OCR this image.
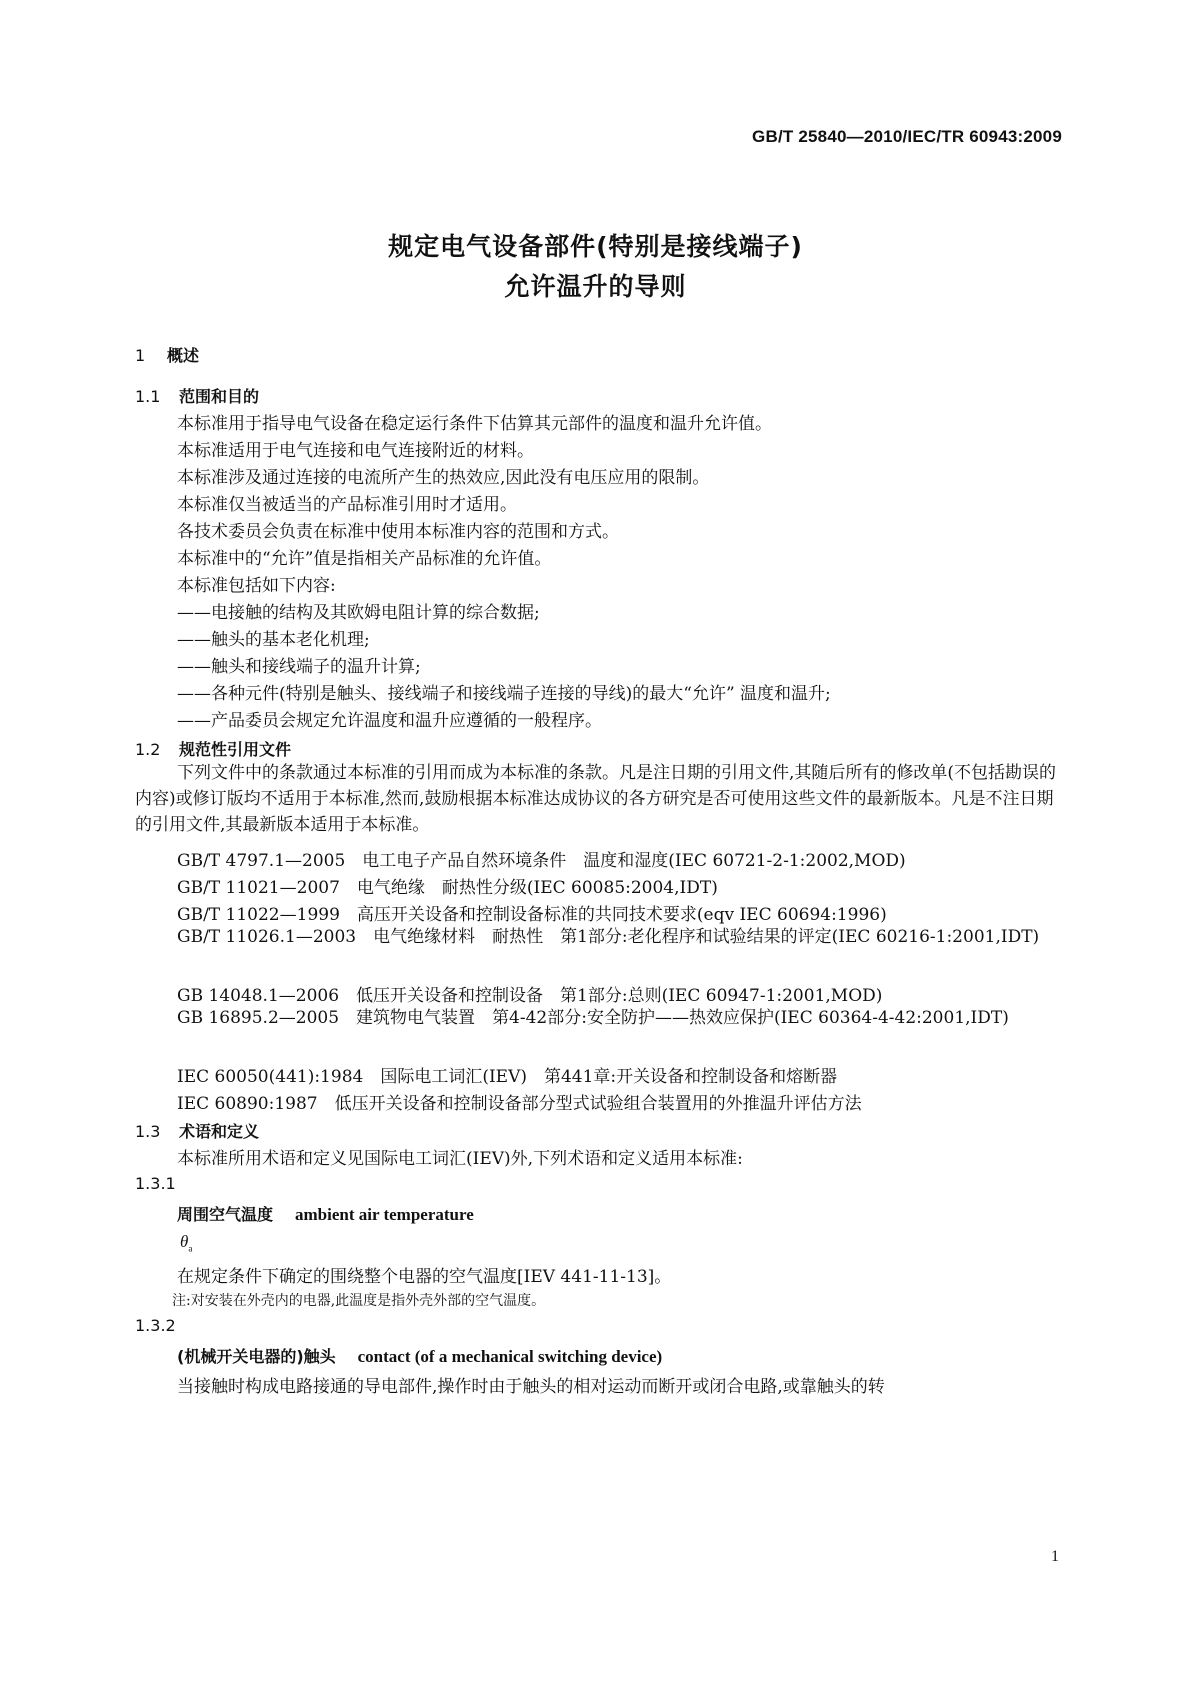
GB/T 25840—2010/IEC/TR 60943:2009
规定电气设备部件(特别是接线端子)
允许温升的导则
1 概述
1.1 范围和目的
本标准用于指导电气设备在稳定运行条件下估算其元部件的温度和温升允许值。
本标准适用于电气连接和电气连接附近的材料。
本标准涉及通过连接的电流所产生的热效应,因此没有电压应用的限制。
本标准仅当被适当的产品标准引用时才适用。
各技术委员会负责在标准中使用本标准内容的范围和方式。
本标准中的“允许”值是指相关产品标准的允许值。
本标准包括如下内容:
——电接触的结构及其欧姆电阻计算的综合数据;
——触头的基本老化机理;
——触头和接线端子的温升计算;
——各种元件(特别是触头、接线端子和接线端子连接的导线)的最大“允许” 温度和温升;
——产品委员会规定允许温度和温升应遵循的一般程序。
1.2 规范性引用文件
下列文件中的条款通过本标准的引用而成为本标准的条款。凡是注日期的引用文件,其随后所有的修改单(不包括勘误的内容)或修订版均不适用于本标准,然而,鼓励根据本标准达成协议的各方研究是否可使用这些文件的最新版本。凡是不注日期的引用文件,其最新版本适用于本标准。
GB/T 4797.1—2005　电工电子产品自然环境条件　温度和湿度(IEC 60721-2-1:2002,MOD)
GB/T 11021—2007　电气绝缘　耐热性分级(IEC 60085:2004,IDT)
GB/T 11022—1999　高压开关设备和控制设备标准的共同技术要求(eqv IEC 60694:1996)
GB/T 11026.1—2003　电气绝缘材料　耐热性　第1部分:老化程序和试验结果的评定(IEC 60216-1:2001,IDT)
GB 14048.1—2006　低压开关设备和控制设备　第1部分:总则(IEC 60947-1:2001,MOD)
GB 16895.2—2005　建筑物电气装置　第4-42部分:安全防护——热效应保护(IEC 60364-4-42:2001,IDT)
IEC 60050(441):1984　国际电工词汇(IEV)　第441章:开关设备和控制设备和熔断器
IEC 60890:1987　低压开关设备和控制设备部分型式试验组合装置用的外推温升评估方法
1.3 术语和定义
本标准所用术语和定义见国际电工词汇(IEV)外,下列术语和定义适用本标准:
1.3.1
周围空气温度 ambient air temperature
$\theta_a$
在规定条件下确定的围绕整个电器的空气温度[IEV 441-11-13]。
注:对安装在外壳内的电器,此温度是指外壳外部的空气温度。
1.3.2
(机械开关电器的)触头 contact (of a mechanical switching device)
当接触时构成电路接通的导电部件,操作时由于触头的相对运动而断开或闭合电路,或靠触头的转
1
